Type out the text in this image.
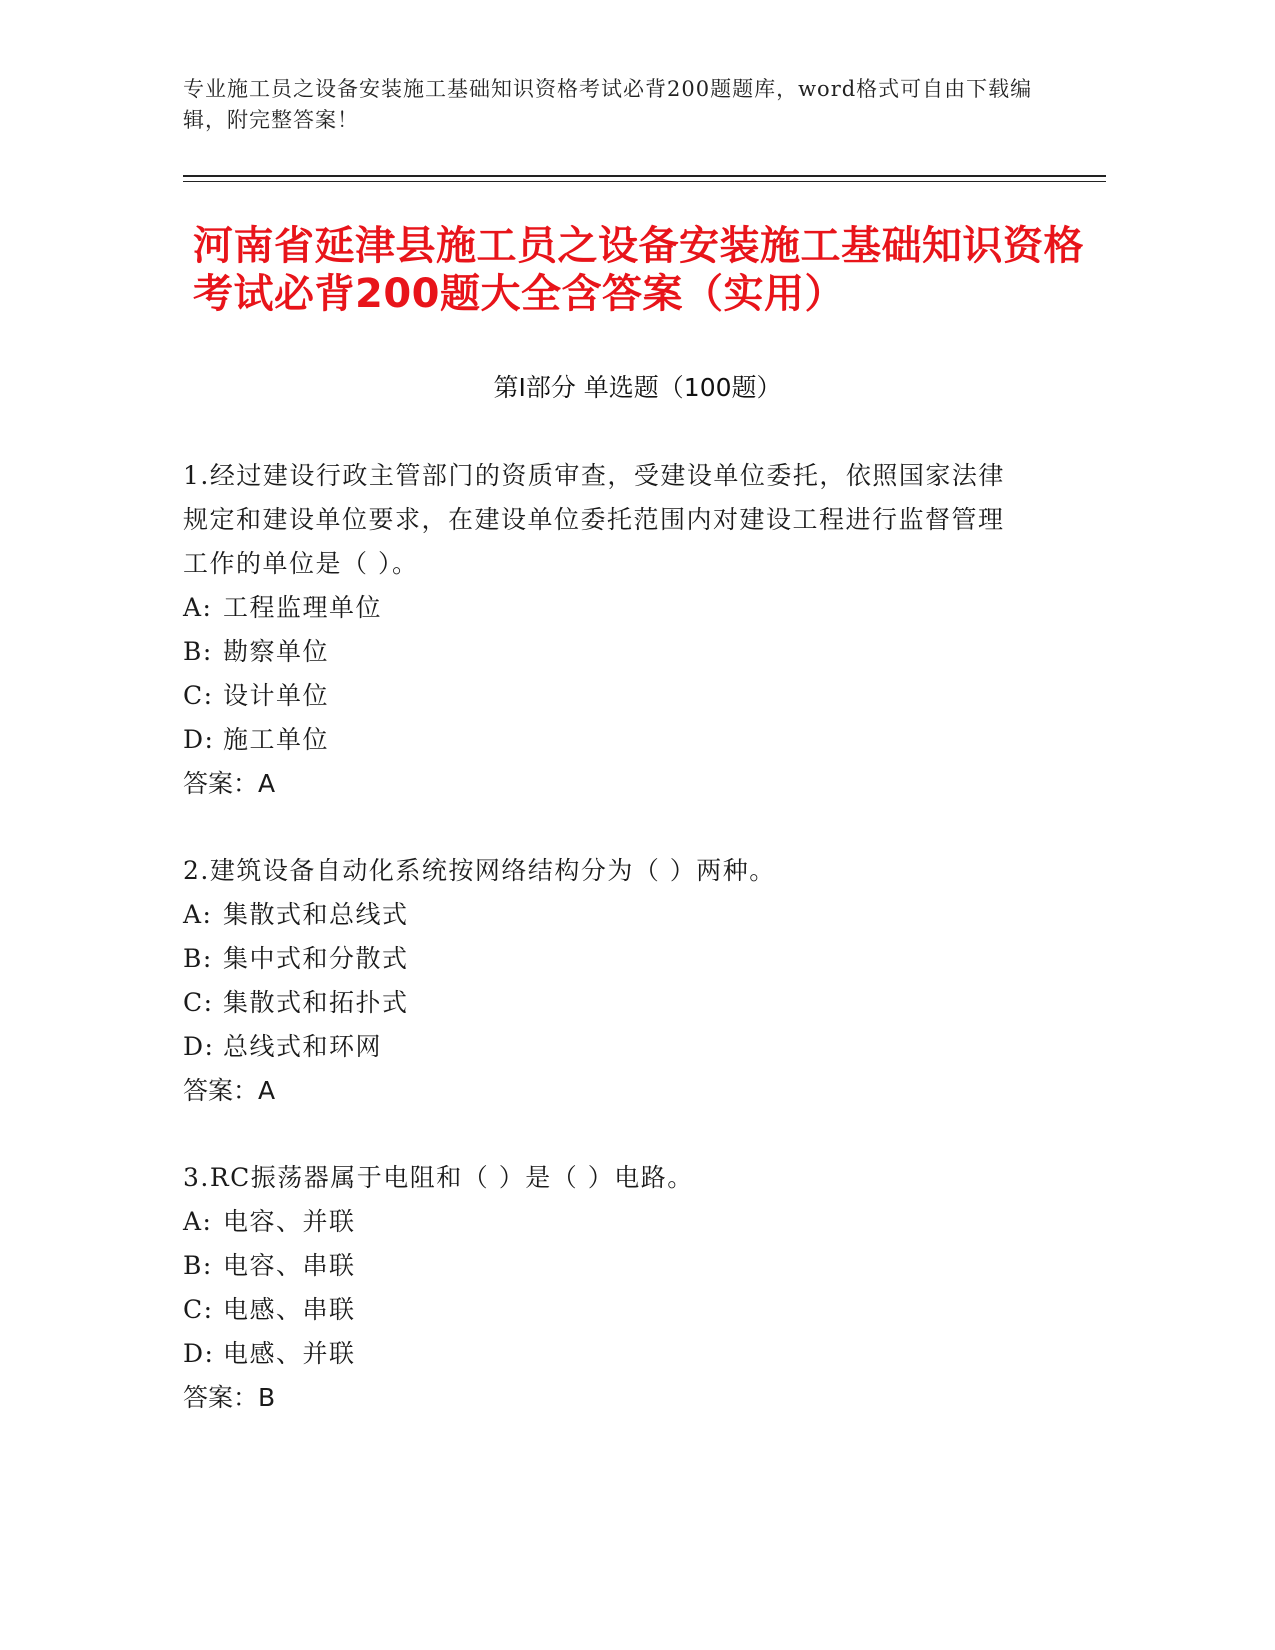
专业施工员之设备安装施工基础知识资格考试必背200题题库，word格式可自由下载编辑，附完整答案！
河南省延津县施工员之设备安装施工基础知识资格考试必背200题大全含答案（实用）
第Ⅰ部分 单选题（100题）

1.经过建设行政主管部门的资质审查，受建设单位委托，依照国家法律规定和建设单位要求，在建设单位委托范围内对建设工程进行监督管理工作的单位是（ ）。

A: 工程监理单位

B: 勘察单位

C: 设计单位

D: 施工单位

答案：A

2.建筑设备自动化系统按网络结构分为（ ）两种。

A: 集散式和总线式

B: 集中式和分散式

C: 集散式和拓扑式

D: 总线式和环网

答案：A

3.RC振荡器属于电阻和（ ）是（ ）电路。

A: 电容、并联

B: 电容、串联

C: 电感、串联

D: 电感、并联

答案：B
